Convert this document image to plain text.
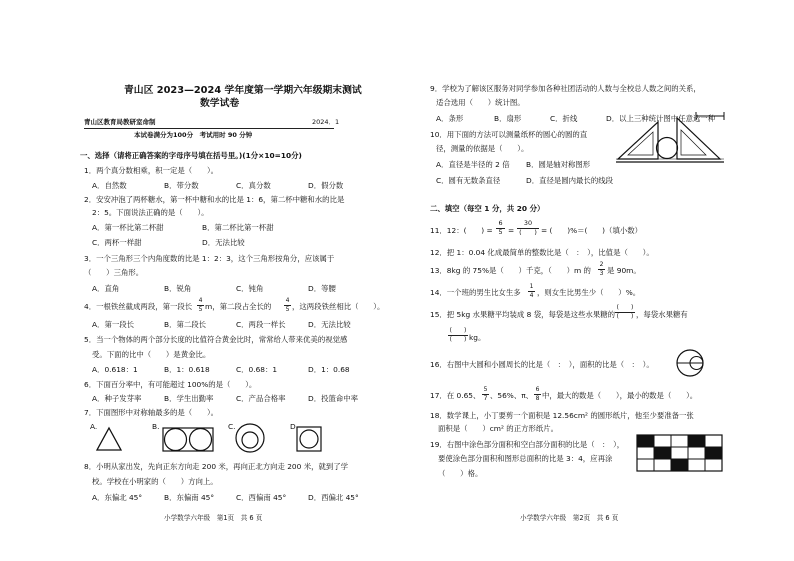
青山区 2023—2024 学年度第一学期六年级期末测试
数学试卷
青山区教育局教研室命制	2024．1
本试卷满分为100分　考试用时 90 分钟
一、选择（请将正确答案的字母序号填在括号里。)(1分×10=10分)
1．两个真分数相乘，积一定是（　　）。
A．自然数	B．带分数	C．真分数	D．假分数
2．安安冲泡了两杯糖水，第一杯中糖和水的比是 1：6，第二杯中糖和水的比是
2：5。下面说法正确的是（　　）。
A．第一杯比第二杯甜	B．第二杯比第一杯甜
C．两杯一样甜	D．无法比较
3．一个三角形三个内角度数的比是 1：2：3，这个三角形按角分，应该属于
（　　）三角形。
A．直角	B．锐角	C．钝角	D．等腰
4．一根铁丝截成两段，第一段长
4
5 m，第二段占全长的
4
5 ，这两段铁丝相比（　　）。
A．第一段长	B．第二段长	C．两段一样长	D．无法比较
5．当一个物体的两个部分长度的比值符合黄金比时，常常给人带来优美的视觉感
受。下面的比中（　　）是黄金比。
A．0.618：1	B．1：0.618	C．0.68：1	D．1：0.68
6．下面百分率中，有可能超过 100%的是（　　）。
A．种子发芽率	B．学生出勤率	C．产品合格率	D．投篮命中率
7．下面图形中对称轴最多的是（　　）。
A.	B.	C.	D.
8．小明从家出发，先向正东方向走 200 米，再向正北方向走 200 米，就到了学
校。学校在小明家的（　　）方向上。
A．东偏北 45°	B．东偏南 45°	C．西偏南 45°	D．西偏北 45°
小学数学六年级　第1页　共 6 页
9．学校为了解该区服务对同学参加各种社团活动的人数与全校总人数之间的关系，
适合选用（　　）统计图。
A．条形	B．扇形	C．折线	D．以上三种统计图中任意选一种
10．用下面的方法可以测量纸杯的圆心的圆的直
径，测量的依据是（　　）。
A．直径是半径的 2 倍 B．圆是轴对称图形
C．圆有无数条直径	D．直径是圆内最长的线段
二、填空（每空 1 分，共 20 分）
11．12：(　　) =
6
5 =
30
(　　) = (　　)%＝(　　)（填小数）
12．把 1：0.04 化成最简单的整数比是（　：　），比值是（　　）。
13．8kg 的 75%是（　　）千克，（　　）m 的
2
3 是 90m。
14．一个班的男生比女生多
1
4 ，则女生比男生少（　　）%。
15．把 5kg 水果糖平均装成 8 袋，每袋是这些水果糖的
(　　)
(　　) ，每袋水果糖有
(　　)
(　　) kg。
16．右图中大圆和小圆周长的比是（　：　），面积的比是（　：　）。
17．在 0.65、
5
7 、56%、π、
6
8 中，最大的数是（　　），最小的数是（　　）。
18．数学课上，小丁要剪一个面积是 12.56cm² 的圆形纸片，他至少要准备一张
面积是（　　）cm² 的正方形纸片。
19．右图中涂色部分面积和空白部分面积的比是（　：　），
要使涂色部分面积和图形总面积的比是 3：4，应再涂
（　　）格。
小学数学六年级　第2页　共 6 页
